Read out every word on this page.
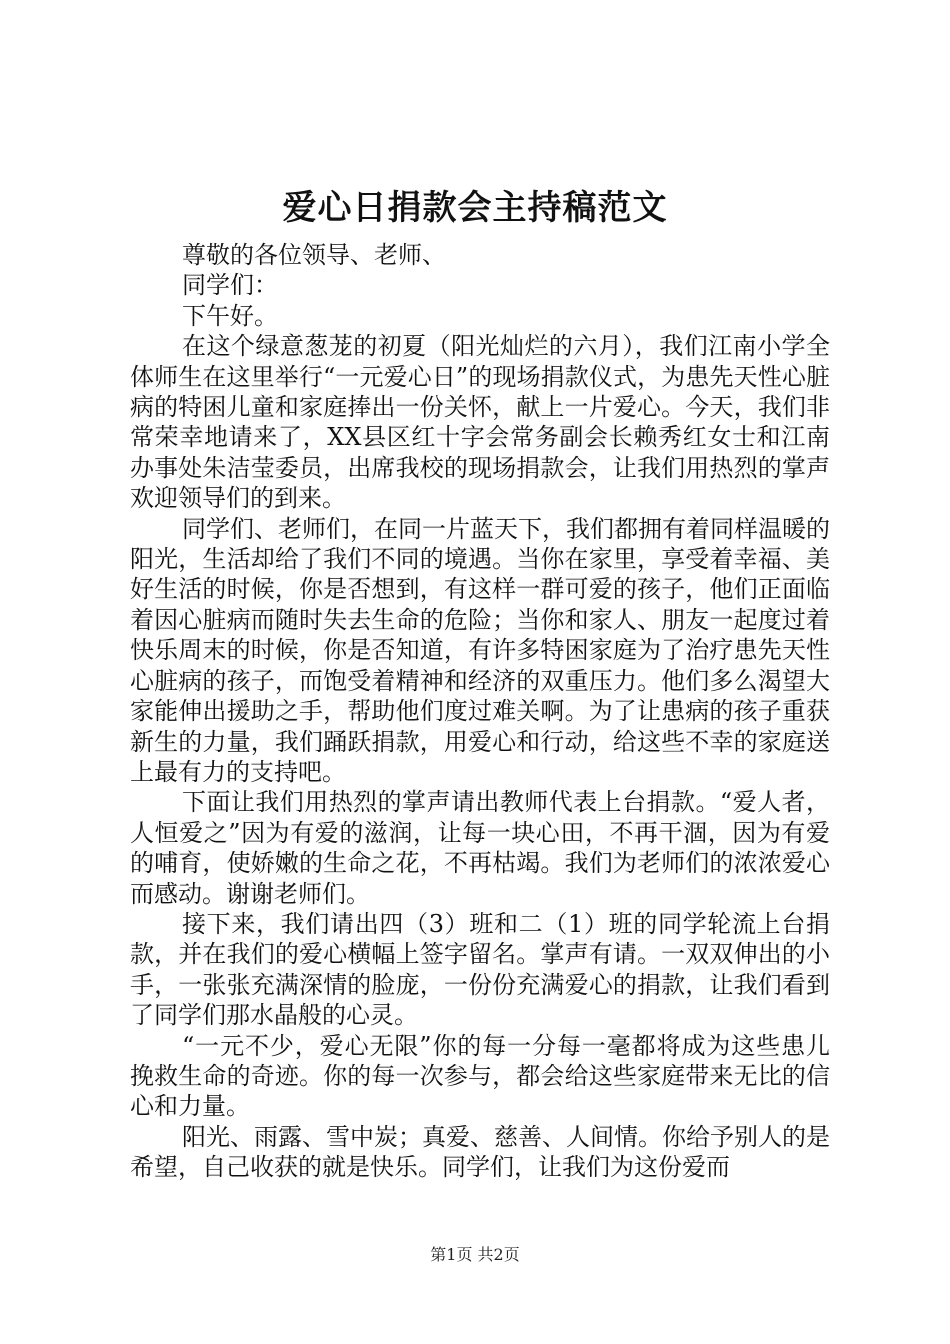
爱心日捐款会主持稿范文

尊敬的各位领导、老师、

同学们：

下午好。

在这个绿意葱茏的初夏（阳光灿烂的六月），我们江南小学全体师生在这里举行“一元爱心日”的现场捐款仪式，为患先天性心脏病的特困儿童和家庭捧出一份关怀，献上一片爱心。今天，我们非常荣幸地请来了，XX县区红十字会常务副会长赖秀红女士和江南办事处朱洁莹委员，出席我校的现场捐款会，让我们用热烈的掌声欢迎领导们的到来。

同学们、老师们，在同一片蓝天下，我们都拥有着同样温暖的阳光，生活却给了我们不同的境遇。当你在家里，享受着幸福、美好生活的时候，你是否想到，有这样一群可爱的孩子，他们正面临着因心脏病而随时失去生命的危险；当你和家人、朋友一起度过着快乐周末的时候，你是否知道，有许多特困家庭为了治疗患先天性心脏病的孩子，而饱受着精神和经济的双重压力。他们多么渴望大家能伸出援助之手，帮助他们度过难关啊。为了让患病的孩子重获新生的力量，我们踊跃捐款，用爱心和行动，给这些不幸的家庭送上最有力的支持吧。

下面让我们用热烈的掌声请出教师代表上台捐款。“爱人者，人恒爱之”因为有爱的滋润，让每一块心田，不再干涸，因为有爱的哺育，使娇嫩的生命之花，不再枯竭。我们为老师们的浓浓爱心而感动。谢谢老师们。

接下来，我们请出四（3）班和二（1）班的同学轮流上台捐款，并在我们的爱心横幅上签字留名。掌声有请。一双双伸出的小手，一张张充满深情的脸庞，一份份充满爱心的捐款，让我们看到了同学们那水晶般的心灵。

“一元不少，爱心无限”你的每一分每一毫都将成为这些患儿挽救生命的奇迹。你的每一次参与，都会给这些家庭带来无比的信心和力量。

阳光、雨露、雪中炭；真爱、慈善、人间情。你给予别人的是希望，自己收获的就是快乐。同学们，让我们为这份爱而

第1页 共2页
